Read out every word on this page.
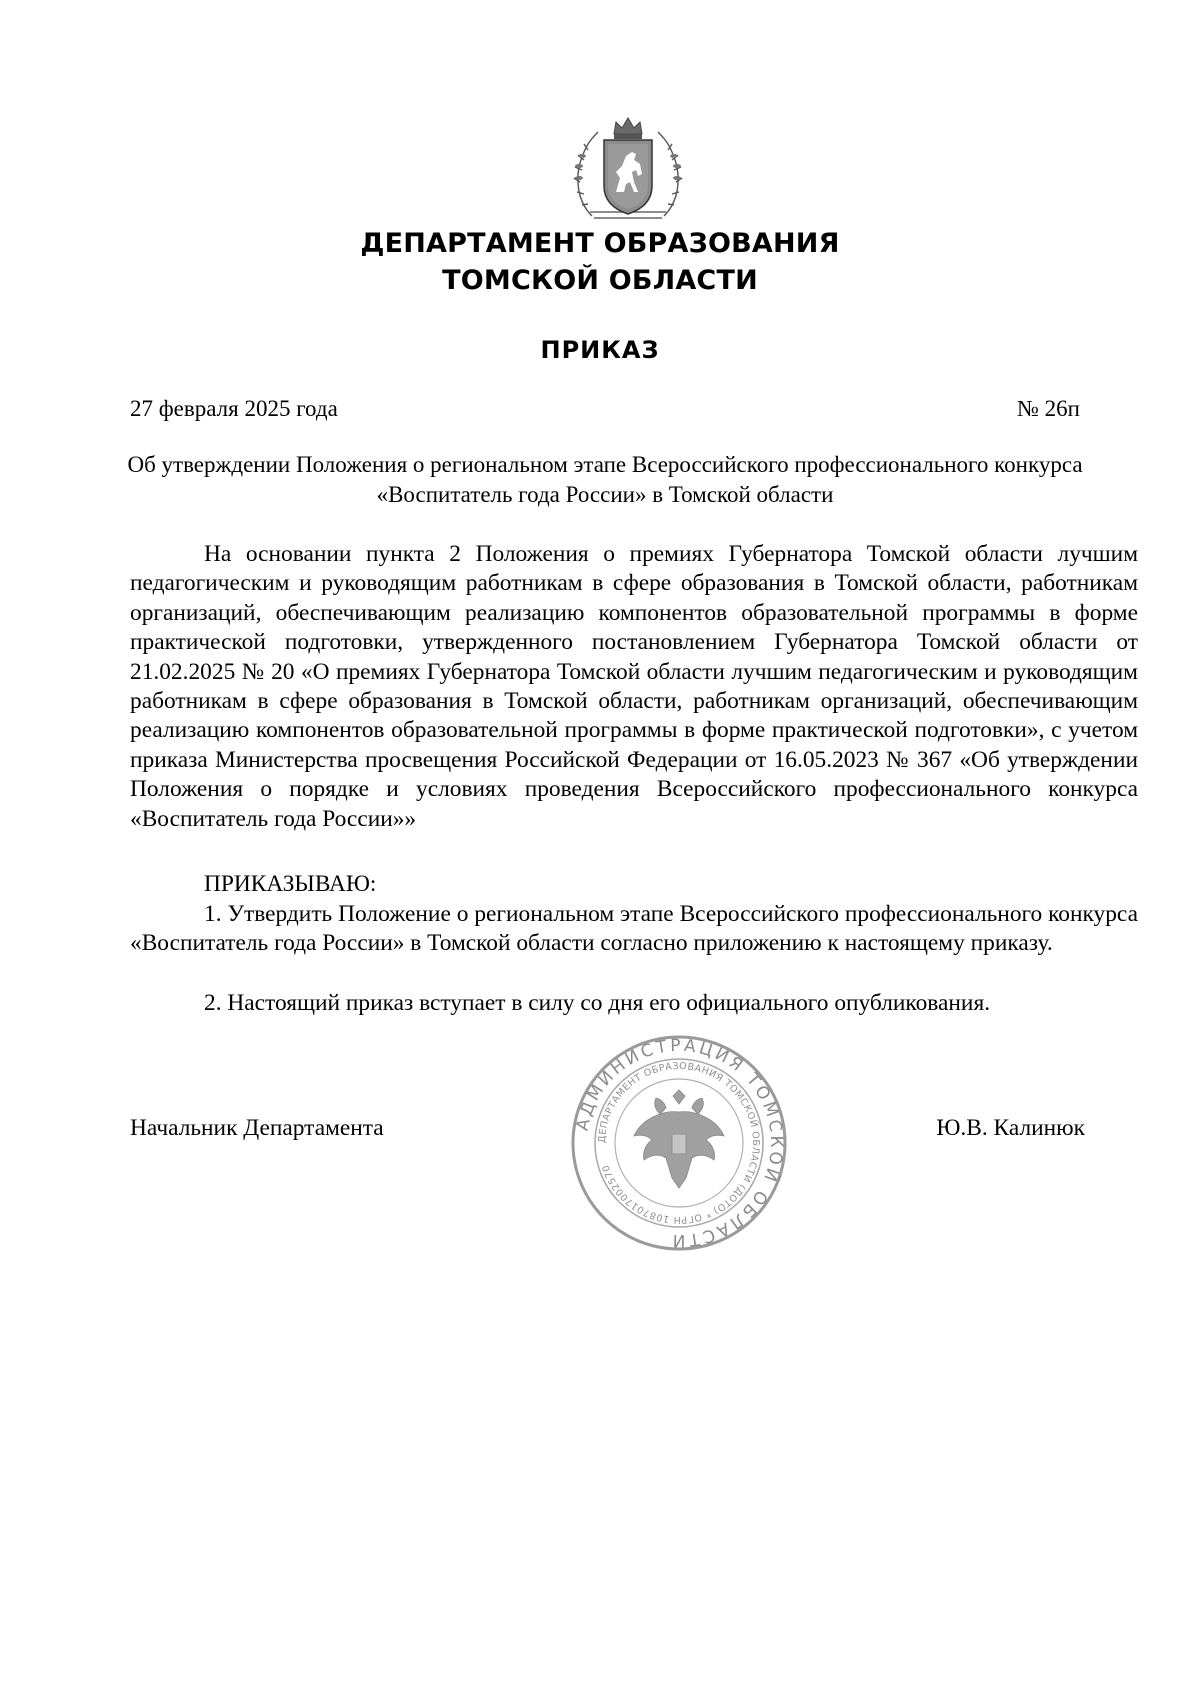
ДЕПАРТАМЕНТ ОБРАЗОВАНИЯ
ТОМСКОЙ ОБЛАСТИ
ПРИКАЗ
27 февраля 2025 года	№ 26п
Об утверждении Положения о региональном этапе Всероссийского профессионального конкурса «Воспитатель года России» в Томской области

На основании пункта 2 Положения о премиях Губернатора Томской области лучшим педагогическим и руководящим работникам в сфере образования в Томской области, работникам организаций, обеспечивающим реализацию компонентов образовательной программы в форме практической подготовки, утвержденного постановлением Губернатора Томской области от 21.02.2025 № 20 «О премиях Губернатора Томской области лучшим педагогическим и руководящим работникам в сфере образования в Томской области, работникам организаций, обеспечивающим реализацию компонентов образовательной программы в форме практической подготовки», с учетом приказа Министерства просвещения Российской Федерации от 16.05.2023 № 367 «Об утверждении Положения о порядке и условиях проведения Всероссийского профессионального конкурса «Воспитатель года России»»

ПРИКАЗЫВАЮ:

1. Утвердить Положение о региональном этапе Всероссийского профессионального конкурса «Воспитатель года России» в Томской области согласно приложению к настоящему приказу.

2. Настоящий приказ вступает в силу со дня его официального опубликования.

Начальник Департамента	Ю.В. Калинюк
АДМИНИСТРАЦИЯ ТОМСКОЙ ОБЛАСТИ
ДЕПАРТАМЕНТ ОБРАЗОВАНИЯ ТОМСКОЙ ОБЛАСТИ (ДОТО) * ОГРН 1087017002570
